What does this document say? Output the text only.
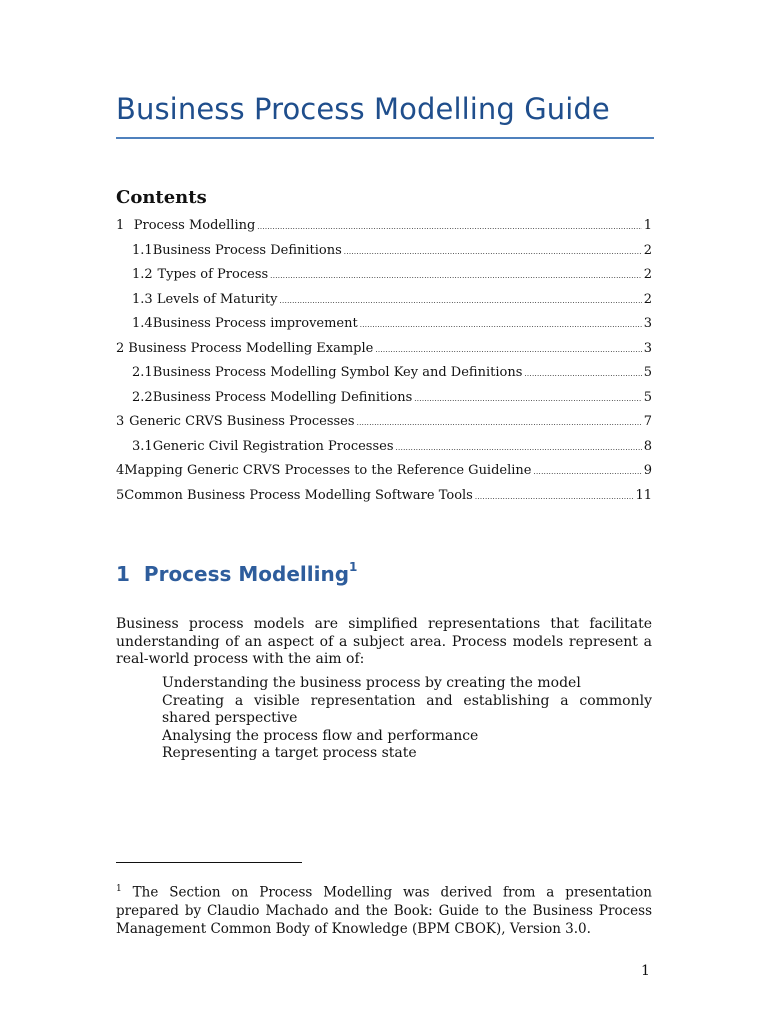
Business Process Modelling Guide
Contents
1 Process Modelling .....	1
1.1 Business Process Definitions .....	2
1.2 Types of Process .....	2
1.3 Levels of Maturity .....	2
1.4 Business Process improvement .....	3
2 Business Process Modelling Example .....	3
2.1 Business Process Modelling Symbol Key and Definitions .....	5
2.2 Business Process Modelling Definitions .....	5
3 Generic CRVS Business Processes .....	7
3.1 Generic Civil Registration Processes .....	8
4 Mapping Generic CRVS Processes to the Reference Guideline .....	9
5 Common Business Process Modelling Software Tools .....	11
1 Process Modelling$^1$

Business process models are simplified representations that facilitate understanding of an aspect of a subject area. Process models represent a real-world process with the aim of:

Understanding the business process by creating the model
Creating a visible representation and establishing a commonly shared perspective
Analysing the process flow and performance
Representing a target process state

$^1$ The Section on Process Modelling was derived from a presentation prepared by Claudio Machado and the Book: Guide to the Business Process Management Common Body of Knowledge (BPM CBOK), Version 3.0.

1
